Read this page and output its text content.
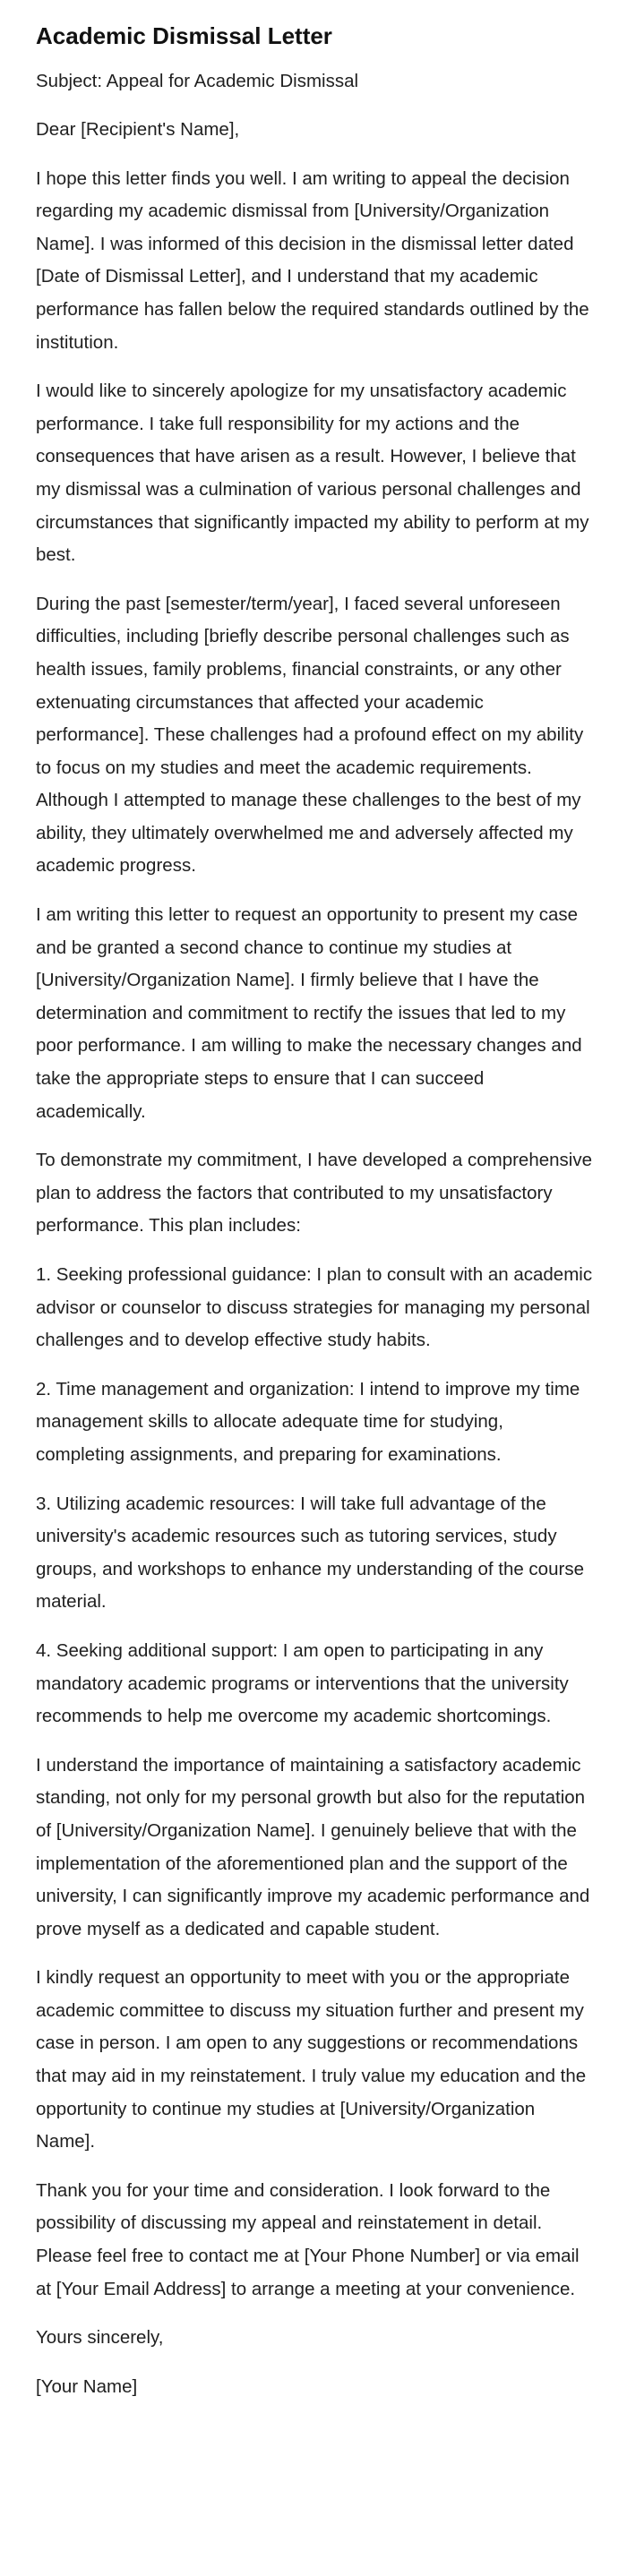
Academic Dismissal Letter

Subject: Appeal for Academic Dismissal

Dear [Recipient's Name],

I hope this letter finds you well. I am writing to appeal the decision regarding my academic dismissal from [University/Organization Name]. I was informed of this decision in the dismissal letter dated [Date of Dismissal Letter], and I understand that my academic performance has fallen below the required standards outlined by the institution.

I would like to sincerely apologize for my unsatisfactory academic performance. I take full responsibility for my actions and the consequences that have arisen as a result. However, I believe that my dismissal was a culmination of various personal challenges and circumstances that significantly impacted my ability to perform at my best.

During the past [semester/term/year], I faced several unforeseen difficulties, including [briefly describe personal challenges such as health issues, family problems, financial constraints, or any other extenuating circumstances that affected your academic performance]. These challenges had a profound effect on my ability to focus on my studies and meet the academic requirements. Although I attempted to manage these challenges to the best of my ability, they ultimately overwhelmed me and adversely affected my academic progress.

I am writing this letter to request an opportunity to present my case and be granted a second chance to continue my studies at [University/Organization Name]. I firmly believe that I have the determination and commitment to rectify the issues that led to my poor performance. I am willing to make the necessary changes and take the appropriate steps to ensure that I can succeed academically.

To demonstrate my commitment, I have developed a comprehensive plan to address the factors that contributed to my unsatisfactory performance. This plan includes:

1. Seeking professional guidance: I plan to consult with an academic advisor or counselor to discuss strategies for managing my personal challenges and to develop effective study habits.

2. Time management and organization: I intend to improve my time management skills to allocate adequate time for studying, completing assignments, and preparing for examinations.

3. Utilizing academic resources: I will take full advantage of the university's academic resources such as tutoring services, study groups, and workshops to enhance my understanding of the course material.

4. Seeking additional support: I am open to participating in any mandatory academic programs or interventions that the university recommends to help me overcome my academic shortcomings.

I understand the importance of maintaining a satisfactory academic standing, not only for my personal growth but also for the reputation of [University/Organization Name]. I genuinely believe that with the implementation of the aforementioned plan and the support of the university, I can significantly improve my academic performance and prove myself as a dedicated and capable student.

I kindly request an opportunity to meet with you or the appropriate academic committee to discuss my situation further and present my case in person. I am open to any suggestions or recommendations that may aid in my reinstatement. I truly value my education and the opportunity to continue my studies at [University/Organization Name].

Thank you for your time and consideration. I look forward to the possibility of discussing my appeal and reinstatement in detail. Please feel free to contact me at [Your Phone Number] or via email at [Your Email Address] to arrange a meeting at your convenience.

Yours sincerely,

[Your Name]
